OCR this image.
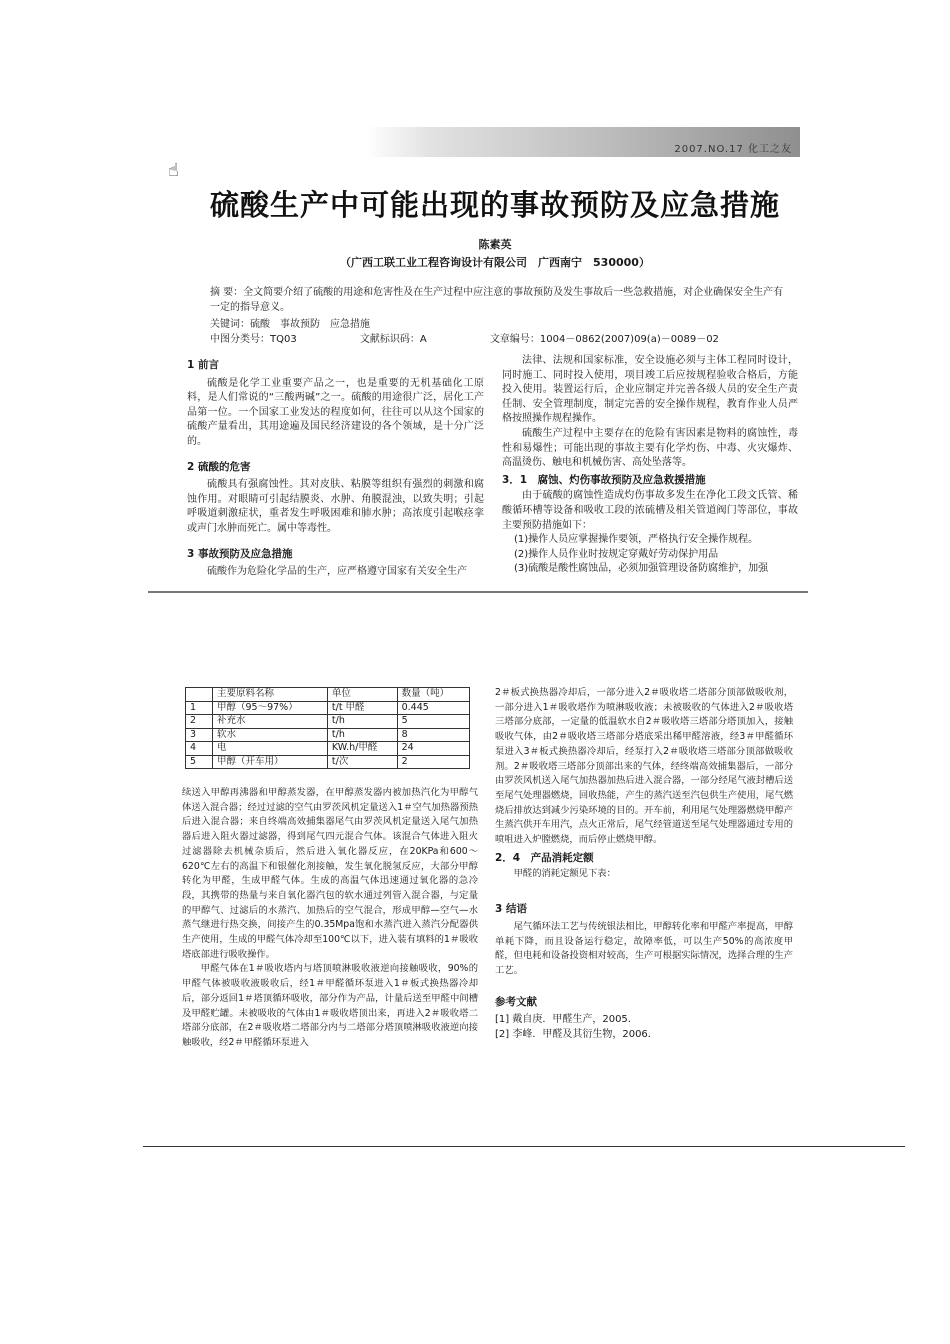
2007.NO.17 化工之友
☝
硫酸生产中可能出现的事故预防及应急措施
陈素英
（广西工联工业工程咨询设计有限公司　广西南宁　530000）
摘 要：全文简要介绍了硫酸的用途和危害性及在生产过程中应注意的事故预防及发生事故后一些急救措施，对企业确保安全生产有一定的指导意义。
关键词：硫酸　事故预防　应急措施
中图分类号：TQ03	文献标识码：A	文章编号：1004－0862(2007)09(a)－0089－02
1 前言

硫酸是化学工业重要产品之一，也是重要的无机基础化工原料，是人们常说的“三酸两碱”之一。硫酸的用途很广泛，居化工产品第一位。一个国家工业发达的程度如何，往往可以从这个国家的硫酸产量看出，其用途遍及国民经济建设的各个领域，是十分广泛的。

2 硫酸的危害

硫酸具有强腐蚀性。其对皮肤、粘膜等组织有强烈的刺激和腐蚀作用。对眼睛可引起结膜炎、水肿、角膜混浊，以致失明；引起呼吸道刺激症状，重者发生呼吸困难和肺水肿；高浓度引起喉痉挛或声门水肿而死亡。属中等毒性。

3 事故预防及应急措施

硫酸作为危险化学品的生产，应严格遵守国家有关安全生产

法律、法规和国家标准，安全设施必须与主体工程同时设计，同时施工、同时投入使用，项目竣工后应按规程验收合格后，方能投入使用。装置运行后，企业应制定并完善各级人员的安全生产责任制、安全管理制度，制定完善的安全操作规程，教育作业人员严格按照操作规程操作。

硫酸生产过程中主要存在的危险有害因素是物料的腐蚀性，毒性和易爆性；可能出现的事故主要有化学灼伤、中毒、火灾爆炸、高温烫伤、触电和机械伤害、高处坠落等。

3．1　腐蚀、灼伤事故预防及应急救援措施

由于硫酸的腐蚀性造成灼伤事故多发生在净化工段文氏管、稀酸循环槽等设备和吸收工段的浓硫槽及相关管道阀门等部位，事故主要预防措施如下：

(1)操作人员应掌握操作要领，严格执行安全操作规程。

(2)操作人员作业时按规定穿戴好劳动保护用品

(3)硫酸是酸性腐蚀品，必须加强管理设备防腐维护，加强

	主要原料名称	单位	数量（吨）
1	甲醇（95～97%）	t/t 甲醛	0.445
2	补充水	t/h	5
3	软水	t/h	8
4	电	KW.h/甲醛	24
5	甲醇（开车用）	t/次	2

续送入甲醇再沸器和甲醇蒸发器，在甲醇蒸发器内被加热汽化为甲醇气体送入混合器；经过过滤的空气由罗茨风机定量送入1＃空气加热器预热后进入混合器；来自终端高效捕集器尾气由罗茨风机定量送入尾气加热器后进入阻火器过滤器，得到尾气四元混合气体。该混合气体进入阻火过滤器除去机械杂质后，然后进入氧化器反应，在20KPa和600～620℃左右的高温下和银催化剂接触，发生氧化脱氢反应，大部分甲醇转化为甲醛，生成甲醛气体。生成的高温气体迅速通过氧化器的急冷段，其携带的热量与来自氧化器汽包的软水通过列管入混合器，与定量的甲醇气、过滤后的水蒸汽、加热后的空气混合，形成甲醇—空气—水蒸气继进行热交换，间接产生的0.35Mpa饱和水蒸汽进入蒸汽分配器供生产使用，生成的甲醛气体冷却至100℃以下，进入装有填料的1＃吸收塔底部进行吸收操作。

甲醛气体在1＃吸收塔内与塔顶喷淋吸收液逆向接触吸收，90%的甲醛气体被吸收液吸收后，经1＃甲醛循环泵进入1＃板式换热器冷却后，部分返回1＃塔顶循环吸收，部分作为产品，计量后送至甲醛中间槽及甲醛贮罐。未被吸收的气体由1＃吸收塔顶出来，再进入2＃吸收塔二塔部分底部，在2＃吸收塔二塔部分内与二塔部分塔顶喷淋吸收液逆向接触吸收，经2＃甲醛循环泵进入

2＃板式换热器冷却后，一部分进入2＃吸收塔二塔部分顶部做吸收剂，一部分进入1＃吸收塔作为喷淋吸收液；未被吸收的气体进入2＃吸收塔三塔部分底部，一定量的低温软水自2＃吸收塔三塔部分塔顶加入，接触吸收气体，由2＃吸收塔三塔部分塔底采出稀甲醛溶液，经3＃甲醛循环泵进入3＃板式换热器冷却后，经泵打入2＃吸收塔三塔部分顶部做吸收剂。2＃吸收塔三塔部分顶部出来的气体，经终端高效捕集器后，一部分由罗茨风机送入尾气加热器加热后进入混合器，一部分经尾气液封槽后送至尾气处理器燃烧，回收热能，产生的蒸汽送至汽包供生产使用，尾气燃烧后排放达到减少污染环境的目的。开车前，利用尾气处理器燃烧甲醇产生蒸汽供开车用汽，点火正常后，尾气经管道送至尾气处理器通过专用的喷咀进入炉膛燃烧，而后停止燃烧甲醇。

2．4　产品消耗定额

甲醛的消耗定额见下表：

3 结语

尾气循环法工艺与传统银法相比，甲醇转化率和甲醛产率提高，甲醇单耗下降，而且设备运行稳定，故障率低，可以生产50%的高浓度甲醛，但电耗和设备投资相对较高，生产可根据实际情况，选择合理的生产工艺。

参考文献

[1] 戴自庚．甲醛生产，2005．

[2] 李峰．甲醛及其衍生物，2006．
